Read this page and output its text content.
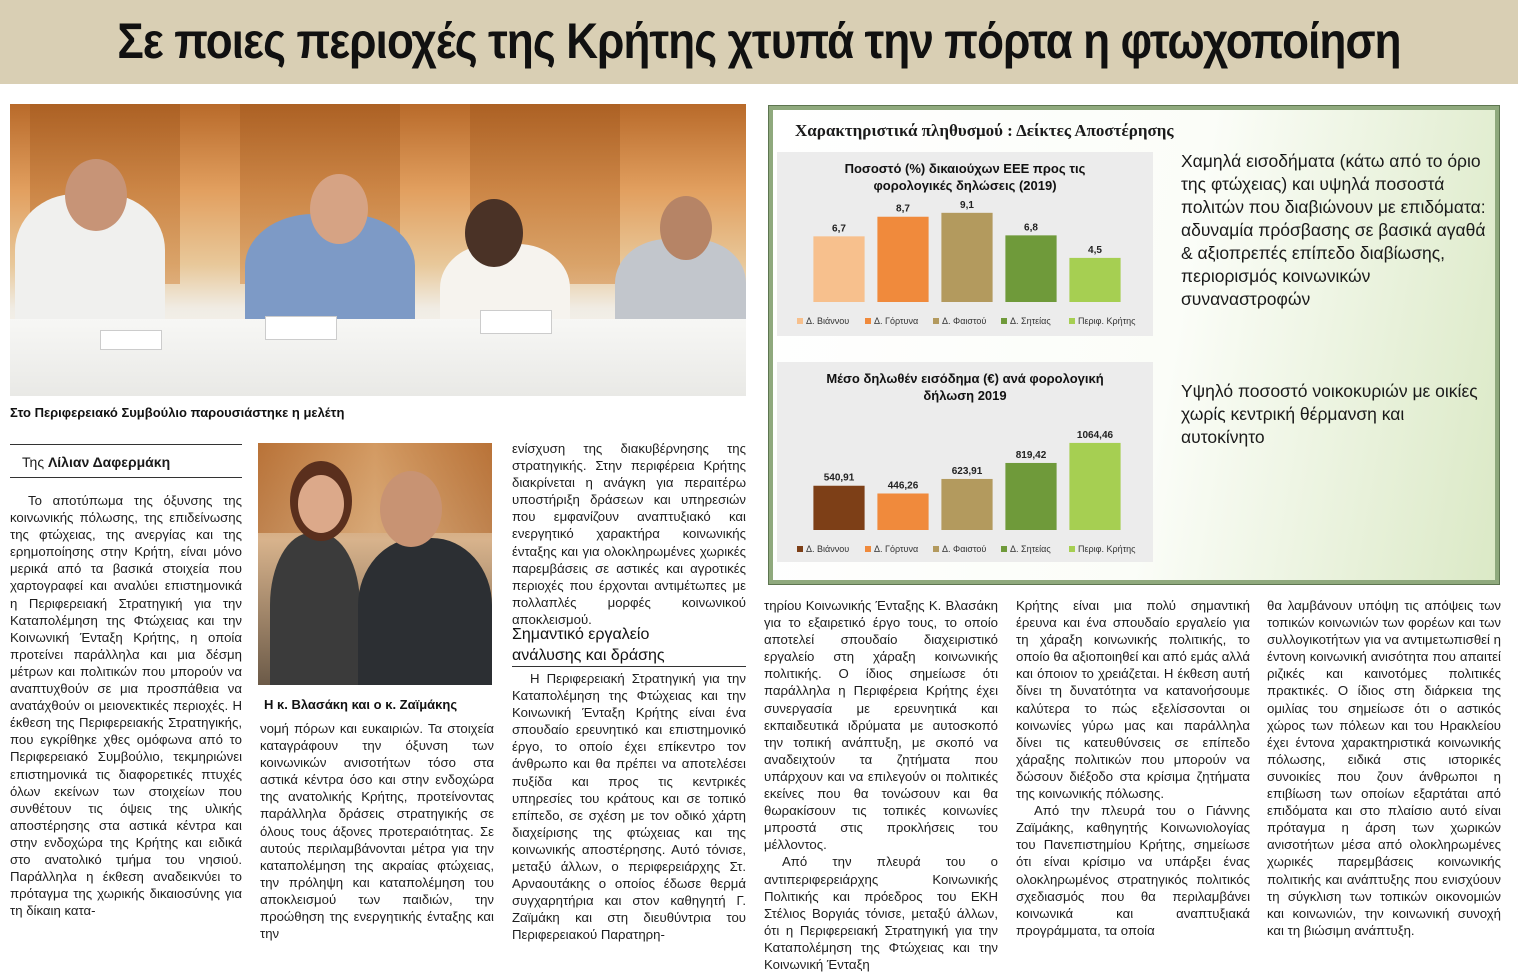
Σε ποιες περιοχές της Κρήτης χτυπά την πόρτα η φτωχοποίηση
Στο Περιφερειακό Συμβούλιο παρουσιάστηκε η μελέτη
Της Λίλιαν Δαφερμάκη

Το αποτύπωμα της όξυνσης της κοινωνικής πόλωσης, της επιδείνωσης της φτώχειας, της ανεργίας και της ερημοποίησης στην Κρήτη, είναι μόνο μερικά από τα βασικά στοιχεία που χαρτογραφεί και αναλύει επιστημονικά η Περιφερειακή Στρατηγική για την Καταπολέμηση της Φτώχειας και την Κοινωνική Ένταξη Κρήτης, η οποία προτείνει παράλληλα και μια δέσμη μέτρων και πολιτικών που μπορούν να αναπτυχθούν σε μια προσπάθεια να ανατάχθούν οι μειονεκτικές περιοχές. Η έκθεση της Περιφερειακής Στρατηγικής, που εγκρίθηκε χθες ομόφωνα από το Περιφερειακό Συμβούλιο, τεκμηριώνει επιστημονικά τις διαφορετικές πτυχές όλων εκείνων των στοιχείων που συνθέτουν τις όψεις της υλικής αποστέρησης στα αστικά κέντρα και στην ενδοχώρα της Κρήτης και ειδικά στο ανατολικό τμήμα του νησιού. Παράλληλα η έκθεση αναδεικνύει το πρόταγμα της χωρικής δικαιοσύνης για τη δίκαιη κατα-

Η κ. Βλασάκη και ο κ. Ζαϊμάκης

νομή πόρων και ευκαιριών. Τα στοιχεία καταγράφουν την όξυνση των κοινωνικών ανισοτήτων τόσο στα αστικά κέντρα όσο και στην ενδοχώρα της ανατολικής Κρήτης, προτείνοντας παράλληλα δράσεις στρατηγικής σε όλους τους άξονες προτεραιότητας. Σε αυτούς περιλαμβάνονται μέτρα για την καταπολέμηση της ακραίας φτώχειας, την πρόληψη και καταπολέμηση του αποκλεισμού των παιδιών, την προώθηση της ενεργητικής ένταξης και την

ενίσχυση της διακυβέρνησης της στρατηγικής. Στην περιφέρεια Κρήτης διακρίνεται η ανάγκη για περαιτέρω υποστήριξη δράσεων και υπηρεσιών που εμφανίζουν αναπτυξιακό και ενεργητικό χαρακτήρα κοινωνικής ένταξης και για ολοκληρωμένες χωρικές παρεμβάσεις σε αστικές και αγροτικές περιοχές που έρχονται αντιμέτωπες με πολλαπλές μορφές κοινωνικού αποκλεισμού.

Σημαντικό εργαλείο
ανάλυσης και δράσης

Η Περιφερειακή Στρατηγική για την Καταπολέμηση της Φτώχειας και την Κοινωνική Ένταξη Κρήτης είναι ένα σπουδαίο ερευνητικό και επιστημονικό έργο, το οποίο έχει επίκεντρο τον άνθρωπο και θα πρέπει να αποτελέσει πυξίδα και προς τις κεντρικές υπηρεσίες του κράτους και σε τοπικό επίπεδο, σε σχέση με τον οδικό χάρτη διαχείρισης της φτώχειας και της κοινωνικής αποστέρησης. Αυτό τόνισε, μεταξύ άλλων, ο περιφερειάρχης Στ. Αρναουτάκης ο οποίος έδωσε θερμά συγχαρητήρια και στον καθηγητή Γ. Ζαϊμάκη και στη διευθύντρια του Περιφερειακού Παρατηρη-

τηρίου Κοινωνικής Ένταξης Κ. Βλασάκη για το εξαιρετικό έργο τους, το οποίο αποτελεί σπουδαίο διαχειριστικό εργαλείο στη χάραξη κοινωνικής πολιτικής. Ο ίδιος σημείωσε ότι παράλληλα η Περιφέρεια Κρήτης έχει συνεργασία με ερευνητικά και εκπαιδευτικά ιδρύματα με αυτοσκοπό την τοπική ανάπτυξη, με σκοπό να αναδειχτούν τα ζητήματα που υπάρχουν και να επιλεγούν οι πολιτικές εκείνες που θα τονώσουν και θα θωρακίσουν τις τοπικές κοινωνίες μπροστά στις προκλήσεις του μέλλοντος.

Από την πλευρά του ο αντιπεριφερειάρχης Κοινωνικής Πολιτικής και πρόεδρος του ΕΚΗ Στέλιος Βοργιάς τόνισε, μεταξύ άλλων, ότι η Περιφερειακή Στρατηγική για την Καταπολέμηση της Φτώχειας και την Κοινωνική Ένταξη

Κρήτης είναι μια πολύ σημαντική έρευνα και ένα σπουδαίο εργαλείο για τη χάραξη κοινωνικής πολιτικής, το οποίο θα αξιοποιηθεί και από εμάς αλλά και όποιον το χρειάζεται. Η έκθεση αυτή δίνει τη δυνατότητα να κατανοήσουμε καλύτερα το πώς εξελίσσονται οι κοινωνίες γύρω μας και παράλληλα δίνει τις κατευθύνσεις σε επίπεδο χάραξης πολιτικών που μπορούν να δώσουν διέξοδο στα κρίσιμα ζητήματα της κοινωνικής πόλωσης.

Από την πλευρά του ο Γιάννης Ζαϊμάκης, καθηγητής Κοινωνιολογίας του Πανεπιστημίου Κρήτης, σημείωσε ότι είναι κρίσιμο να υπάρξει ένας ολοκληρωμένος στρατηγικός πολιτικός σχεδιασμός που θα περιλαμβάνει κοινωνικά και αναπτυξιακά προγράμματα, τα οποία

θα λαμβάνουν υπόψη τις απόψεις των τοπικών κοινωνιών των φορέων και των συλλογικοτήτων για να αντιμετωπισθεί η έντονη κοινωνική ανισότητα που απαιτεί ριζικές και καινοτόμες πολιτικές πρακτικές. Ο ίδιος στη διάρκεια της ομιλίας του σημείωσε ότι ο αστικός χώρος των πόλεων και του Ηρακλείου έχει έντονα χαρακτηριστικά κοινωνικής πόλωσης, ειδικά στις ιστορικές συνοικίες που ζουν άνθρωποι η επιβίωση των οποίων εξαρτάται από επιδόματα και στο πλαίσιο αυτό είναι πρόταγμα η άρση των χωρικών ανισοτήτων μέσα από ολοκληρωμένες χωρικές παρεμβάσεις κοινωνικής πολιτικής και ανάπτυξης που ενισχύουν τη σύγκλιση των τοπικών οικονομιών και κοινωνιών, την κοινωνική συνοχή και τη βιώσιμη ανάπτυξη.

Χαρακτηριστικά πληθυσμού : Δείκτες Αποστέρησης
Ποσοστό (%) δικαιούχων ΕΕΕ προς τις φορολογικές δηλώσεις (2019)
6,7
8,7	9,1
6,8
4,5
Δ. Βιάννου	Δ. Γόρτυνα	Δ. Φαιστού	Δ. Σητείας	Περιφ. Κρήτης
Μέσο δηλωθέν εισόδημα (€) ανά φορολογική δήλωση 2019
540,91
446,26
623,91
819,42
1064,46
Δ. Βιάννου	Δ. Γόρτυνα	Δ. Φαιστού	Δ. Σητείας	Περιφ. Κρήτης
Χαμηλά εισοδήματα (κάτω από το όριο της φτώχειας) και υψηλά ποσοστά πολιτών που διαβιώνουν με επιδόματα: αδυναμία πρόσβασης σε βασικά αγαθά & αξιοπρεπές επίπεδο διαβίωσης, περιορισμός κοινωνικών συναναστροφών
Υψηλό ποσοστό νοικοκυριών με οικίες χωρίς κεντρική θέρμανση και αυτοκίνητο
